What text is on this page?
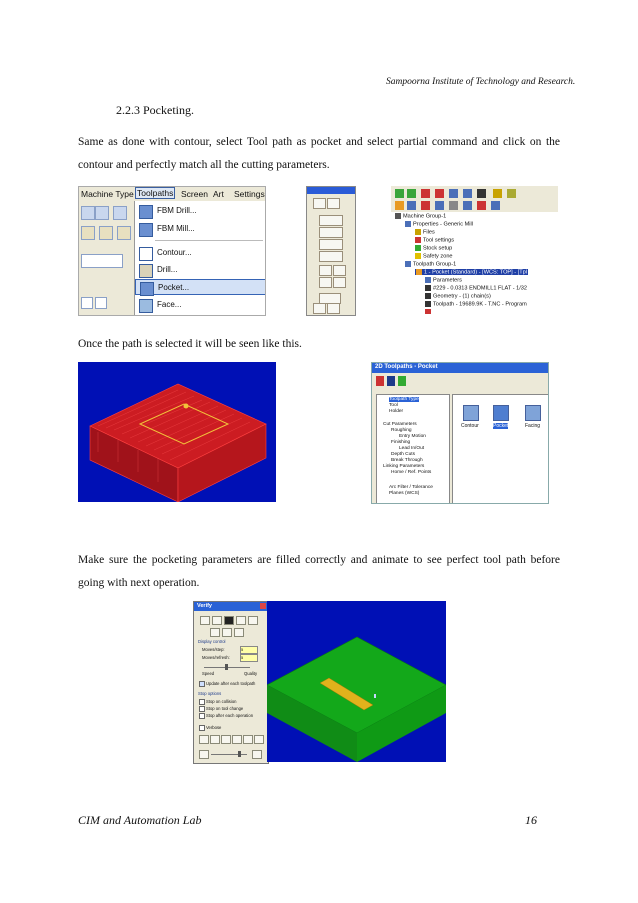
Sampoorna Institute of Technology and Research.
2.2.3 Pocketing.
Same as done with contour, select Tool path as pocket and select partial command and click on the contour and perfectly match all the cutting parameters.
Once the path is selected it will be seen like this.
Make sure the pocketing parameters are filled correctly and animate to see perfect tool path before going with next operation.
CIM and Automation Lab	16
Machine Type Toolpaths Screen Art Settings
FBM Drill...
FBM Mill...
Contour...
Drill...
Pocket...
Face...
Machine Group-1
Properties - Generic Mill
Files
Tool settings
Stock setup
Safety zone
Toolpath Group-1
1 - Pocket (Standard) - [WCS: TOP] - [Tpl
Parameters
#229 - 0.0313 ENDMILL1 FLAT - 1/32
Geometry - (1) chain(s)
Toolpath - 19689.9K - T.NC - Program
2D Toolpaths - Pocket
Toolpath Type
Tool
Holder
Cut Parameters
Roughing
Entry Motion
Finishing
Lead In/Out
Depth Cuts
Break Through
Linking Parameters
Home / Ref. Points
Arc Filter / Tolerance
Planes (WCS)
Contour	Pocket	Facing
Verify
Display control
Moves/step:	5
Moves/refresh:	5
Speed	Quality
Update after each toolpath
Stop options
Stop on collision
Stop on tool change
Stop after each operation
Verbose
